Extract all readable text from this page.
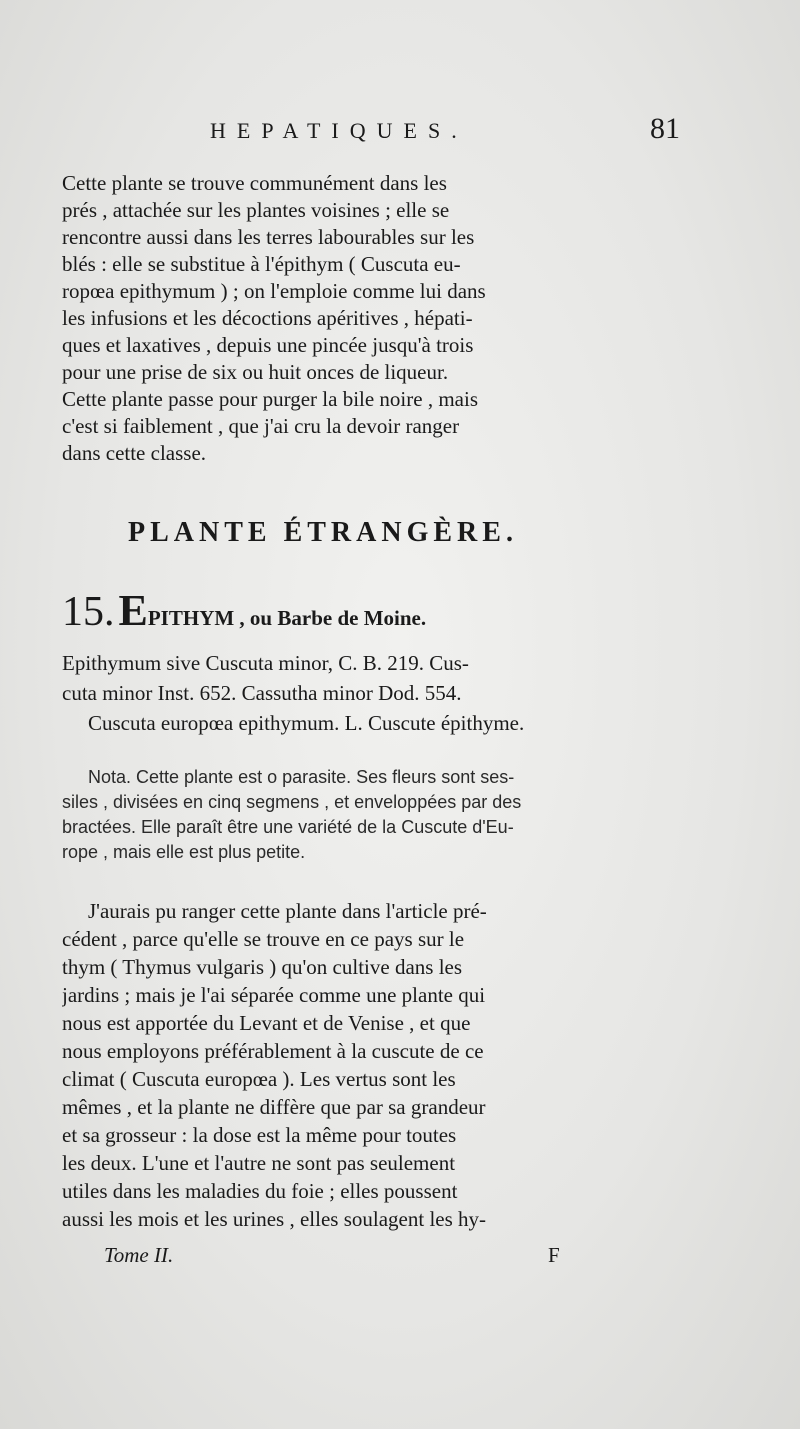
HEPATIQUES.	81
Cette plante se trouve communément dans les
prés , attachée sur les plantes voisines ; elle se
rencontre aussi dans les terres labourables sur les
blés : elle se substitue à l'épithym ( Cuscuta eu-
ropœa epithymum ) ; on l'emploie comme lui dans
les infusions et les décoctions apéritives , hépati-
ques et laxatives , depuis une pincée jusqu'à trois
pour une prise de six ou huit onces de liqueur.
Cette plante passe pour purger la bile noire , mais
c'est si faiblement , que j'ai cru la devoir ranger
dans cette classe.
PLANTE ÉTRANGÈRE.
15. EPITHYM , ou Barbe de Moine.
Epithymum sive Cuscuta minor, C. B. 219. Cus-
cuta minor Inst. 652. Cassutha minor Dod. 554.
Cuscuta europœa epithymum. L. Cuscute épithyme.
Nota. Cette plante est o parasite. Ses fleurs sont ses-
siles , divisées en cinq segmens , et enveloppées par des
bractées. Elle paraît être une variété de la Cuscute d'Eu-
rope , mais elle est plus petite.
J'aurais pu ranger cette plante dans l'article pré-
cédent , parce qu'elle se trouve en ce pays sur le
thym ( Thymus vulgaris ) qu'on cultive dans les
jardins ; mais je l'ai séparée comme une plante qui
nous est apportée du Levant et de Venise , et que
nous employons préférablement à la cuscute de ce
climat ( Cuscuta europœa ). Les vertus sont les
mêmes , et la plante ne diffère que par sa grandeur
et sa grosseur : la dose est la même pour toutes
les deux. L'une et l'autre ne sont pas seulement
utiles dans les maladies du foie ; elles poussent
aussi les mois et les urines , elles soulagent les hy-
Tome II.	F
